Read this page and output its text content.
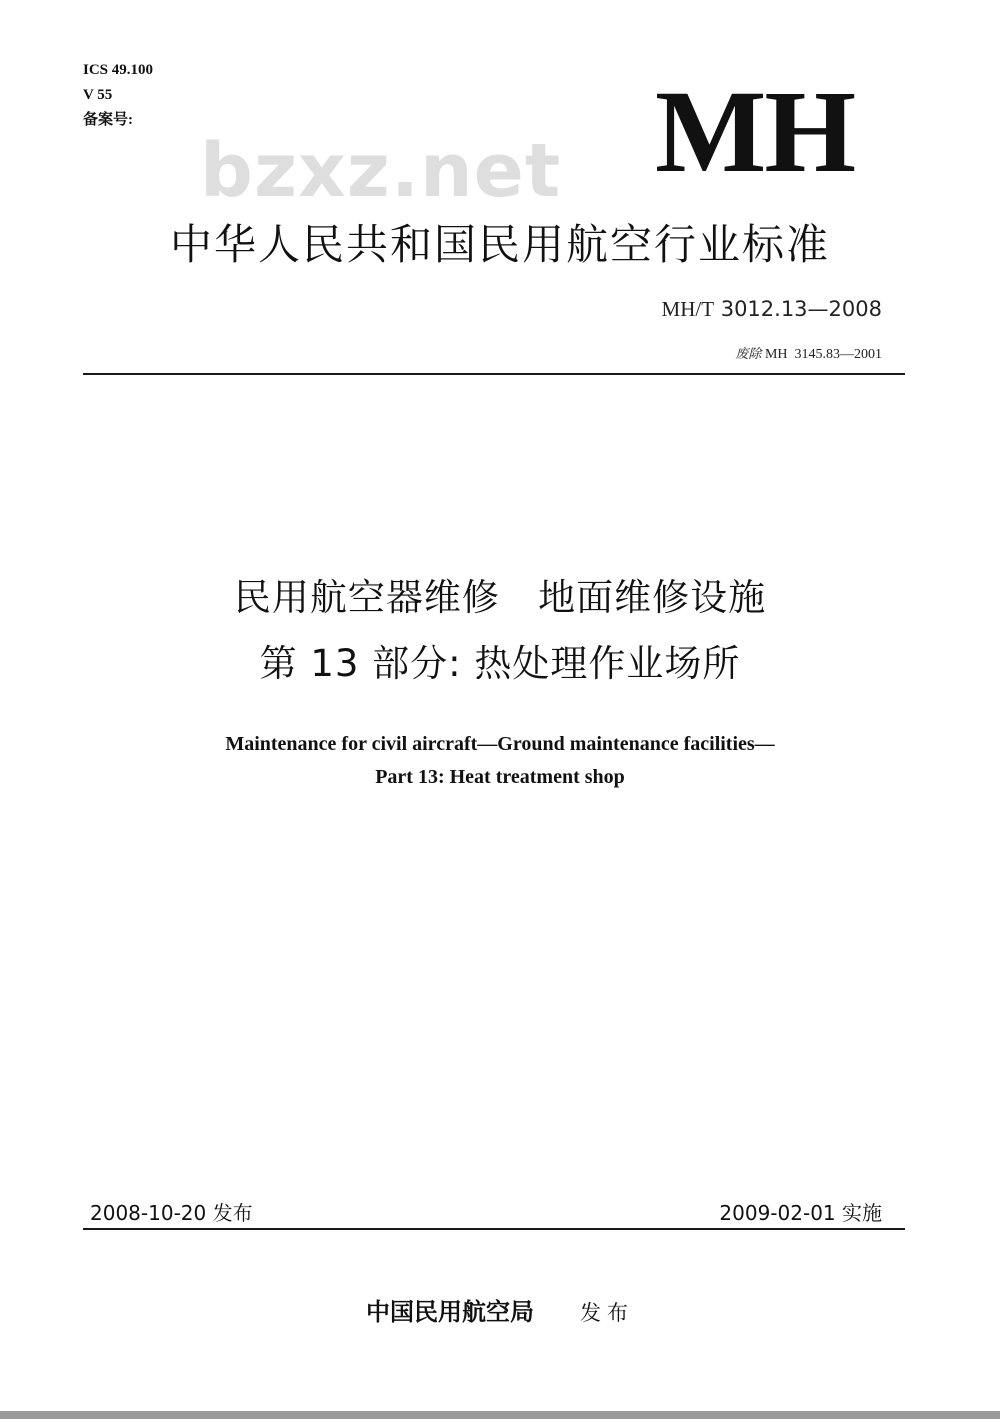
ICS 49.100
V 55
备案号:
bzxz.net MH
中华人民共和国民用航空行业标准
MH/T 3012.13—2008
废除 MH  3145.83—2001
民用航空器维修   地面维修设施
第 13 部分: 热处理作业场所
Maintenance for civil aircraft—Ground maintenance facilities—
Part 13: Heat treatment shop
2008-10-20 发布	2009-02-01 实施
中国民用航空局 发布
